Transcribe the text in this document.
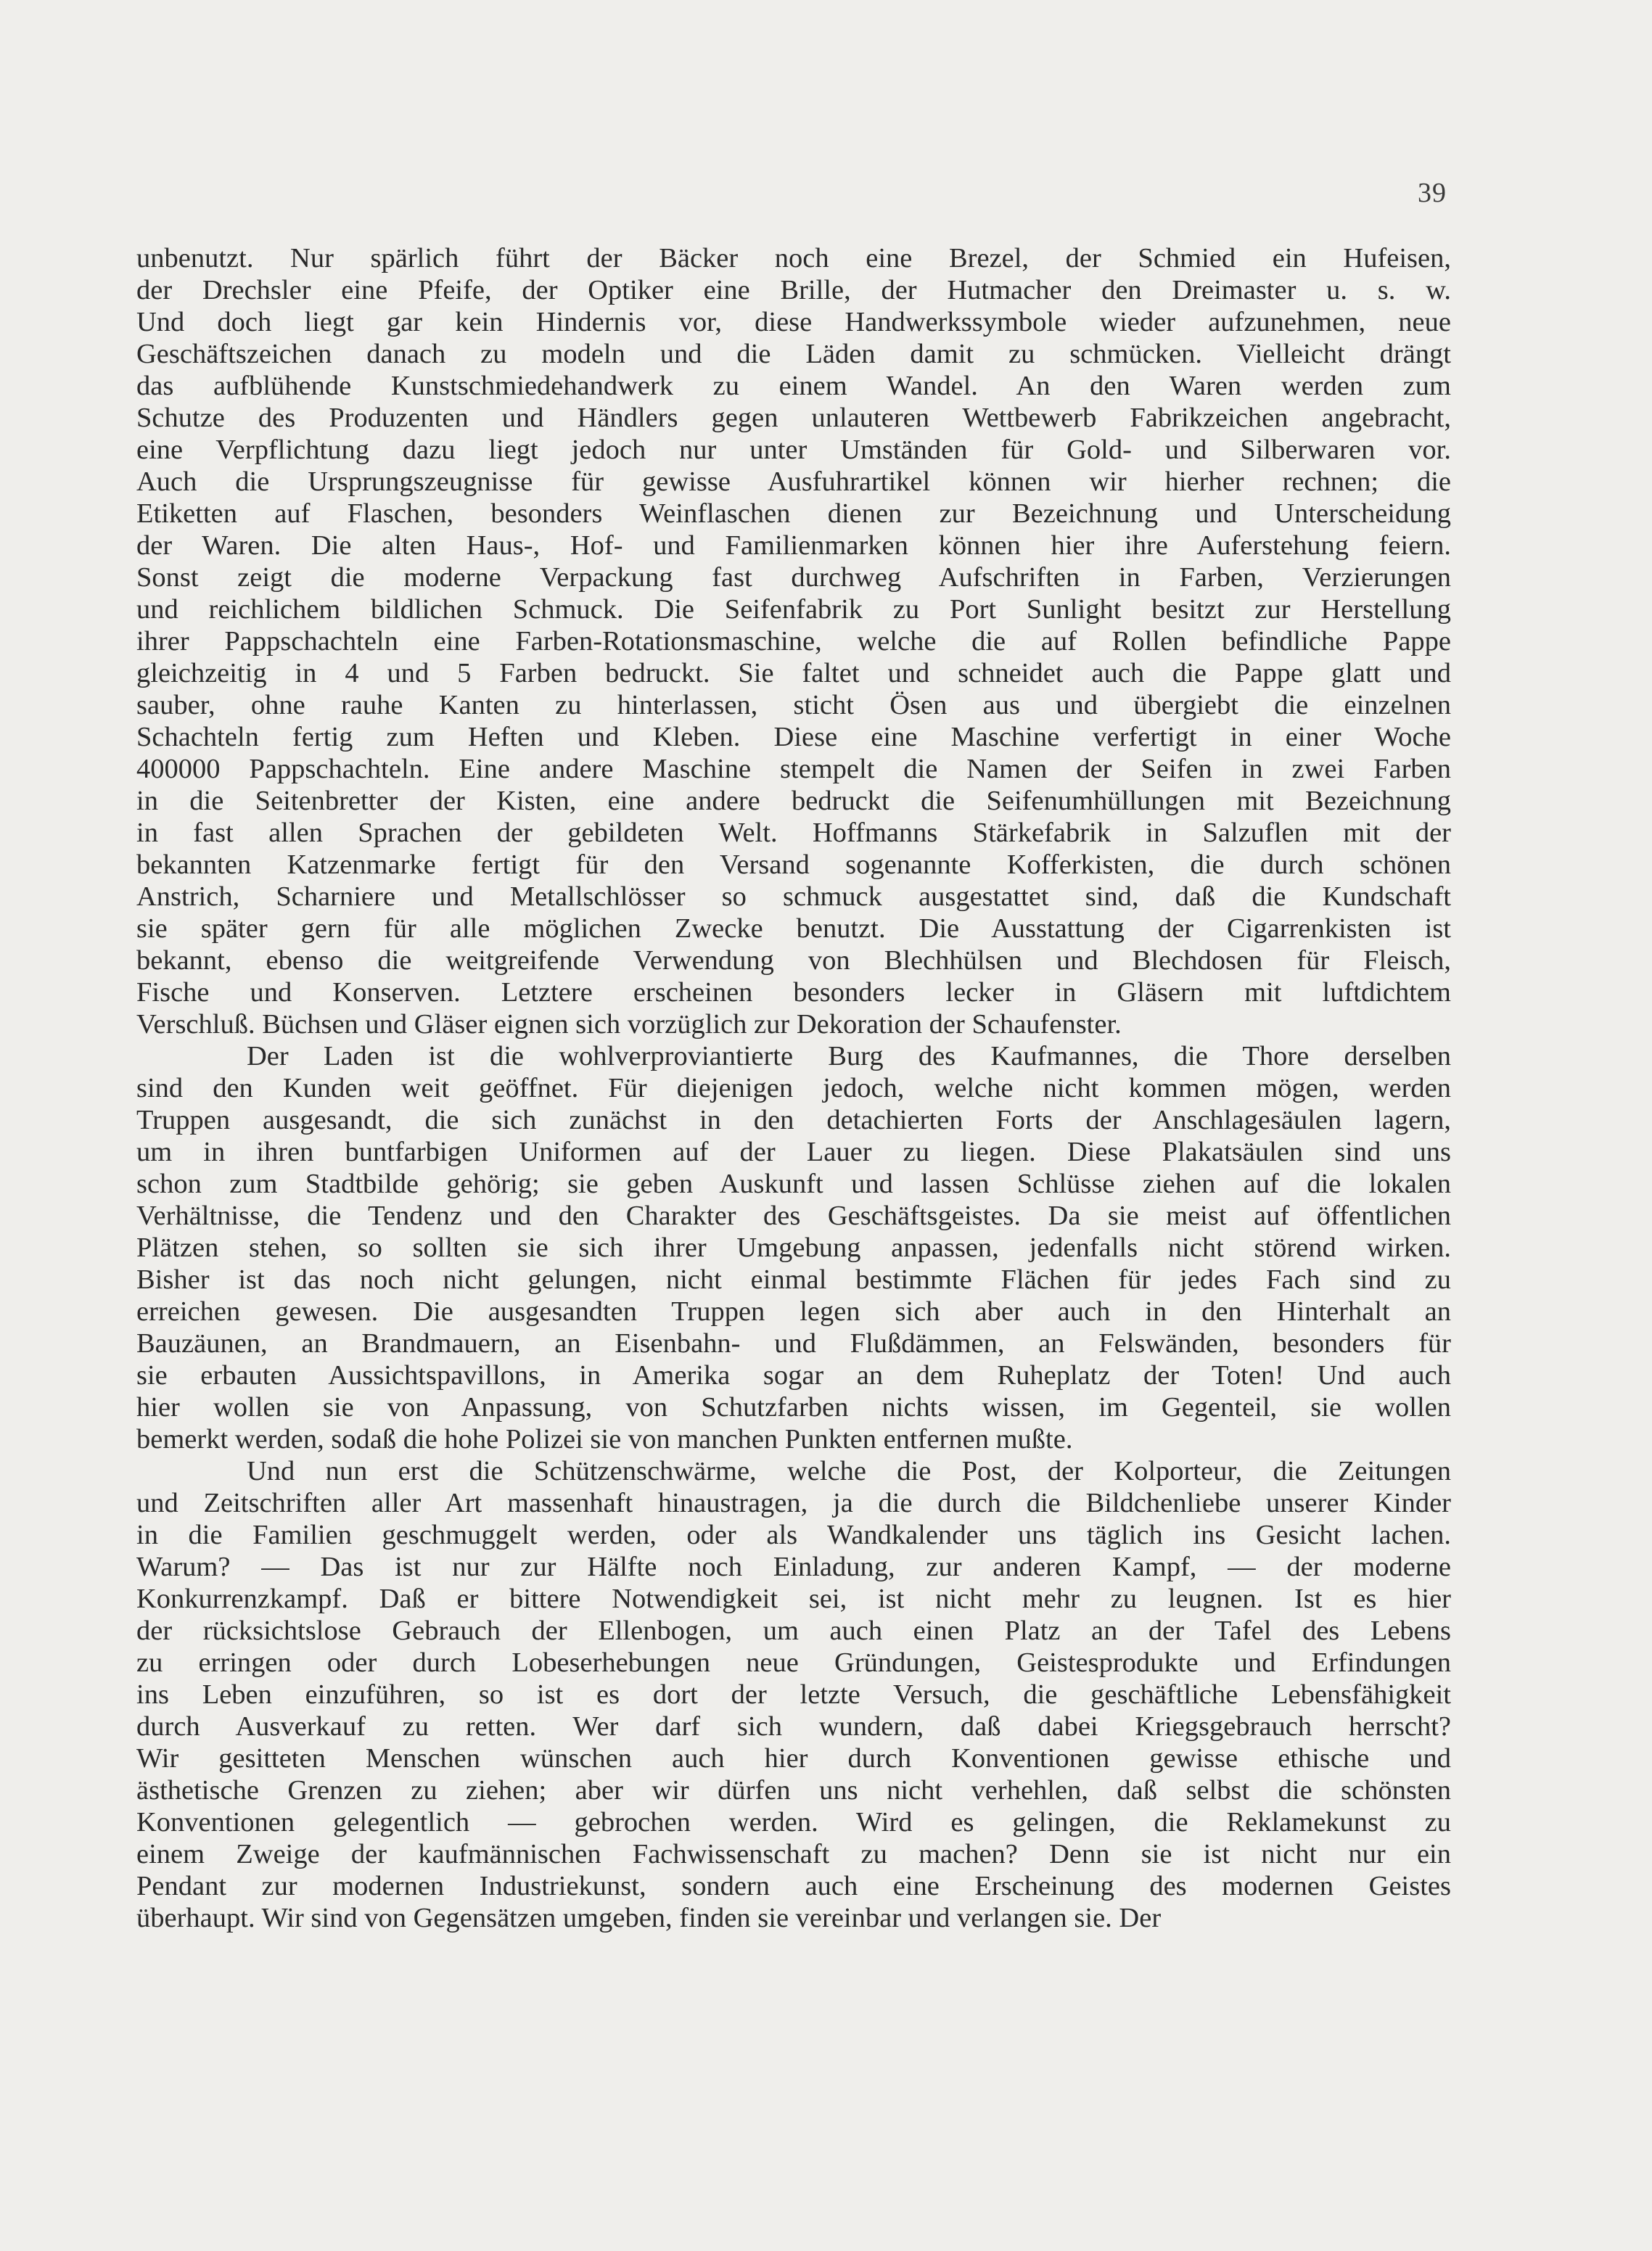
39
unbenutzt. Nur spärlich führt der Bäcker noch eine Brezel, der Schmied ein Hufeisen,
der Drechsler eine Pfeife, der Optiker eine Brille, der Hutmacher den Dreimaster u. s. w.
Und doch liegt gar kein Hindernis vor, diese Handwerkssymbole wieder aufzunehmen, neue
Geschäftszeichen danach zu modeln und die Läden damit zu schmücken. Vielleicht drängt
das aufblühende Kunstschmiedehandwerk zu einem Wandel. An den Waren werden zum
Schutze des Produzenten und Händlers gegen unlauteren Wettbewerb Fabrikzeichen angebracht,
eine Verpflichtung dazu liegt jedoch nur unter Umständen für Gold- und Silberwaren vor.
Auch die Ursprungszeugnisse für gewisse Ausfuhrartikel können wir hierher rechnen; die
Etiketten auf Flaschen, besonders Weinflaschen dienen zur Bezeichnung und Unterscheidung
der Waren. Die alten Haus-, Hof- und Familienmarken können hier ihre Auferstehung feiern.
Sonst zeigt die moderne Verpackung fast durchweg Aufschriften in Farben, Verzierungen
und reichlichem bildlichen Schmuck. Die Seifenfabrik zu Port Sunlight besitzt zur Herstellung
ihrer Pappschachteln eine Farben-Rotationsmaschine, welche die auf Rollen befindliche Pappe
gleichzeitig in 4 und 5 Farben bedruckt. Sie faltet und schneidet auch die Pappe glatt und
sauber, ohne rauhe Kanten zu hinterlassen, sticht Ösen aus und übergiebt die einzelnen
Schachteln fertig zum Heften und Kleben. Diese eine Maschine verfertigt in einer Woche
400000 Pappschachteln. Eine andere Maschine stempelt die Namen der Seifen in zwei Farben
in die Seitenbretter der Kisten, eine andere bedruckt die Seifenumhüllungen mit Bezeichnung
in fast allen Sprachen der gebildeten Welt. Hoffmanns Stärkefabrik in Salzuflen mit der
bekannten Katzenmarke fertigt für den Versand sogenannte Kofferkisten, die durch schönen
Anstrich, Scharniere und Metallschlösser so schmuck ausgestattet sind, daß die Kundschaft
sie später gern für alle möglichen Zwecke benutzt. Die Ausstattung der Cigarrenkisten ist
bekannt, ebenso die weitgreifende Verwendung von Blechhülsen und Blechdosen für Fleisch,
Fische und Konserven. Letztere erscheinen besonders lecker in Gläsern mit luftdichtem
Verschluß. Büchsen und Gläser eignen sich vorzüglich zur Dekoration der Schaufenster.
Der Laden ist die wohlverproviantierte Burg des Kaufmannes, die Thore derselben
sind den Kunden weit geöffnet. Für diejenigen jedoch, welche nicht kommen mögen, werden
Truppen ausgesandt, die sich zunächst in den detachierten Forts der Anschlagesäulen lagern,
um in ihren buntfarbigen Uniformen auf der Lauer zu liegen. Diese Plakatsäulen sind uns
schon zum Stadtbilde gehörig; sie geben Auskunft und lassen Schlüsse ziehen auf die lokalen
Verhältnisse, die Tendenz und den Charakter des Geschäftsgeistes. Da sie meist auf öffentlichen
Plätzen stehen, so sollten sie sich ihrer Umgebung anpassen, jedenfalls nicht störend wirken.
Bisher ist das noch nicht gelungen, nicht einmal bestimmte Flächen für jedes Fach sind zu
erreichen gewesen. Die ausgesandten Truppen legen sich aber auch in den Hinterhalt an
Bauzäunen, an Brandmauern, an Eisenbahn- und Flußdämmen, an Felswänden, besonders für
sie erbauten Aussichtspavillons, in Amerika sogar an dem Ruheplatz der Toten! Und auch
hier wollen sie von Anpassung, von Schutzfarben nichts wissen, im Gegenteil, sie wollen
bemerkt werden, sodaß die hohe Polizei sie von manchen Punkten entfernen mußte.
Und nun erst die Schützenschwärme, welche die Post, der Kolporteur, die Zeitungen
und Zeitschriften aller Art massenhaft hinaustragen, ja die durch die Bildchenliebe unserer Kinder
in die Familien geschmuggelt werden, oder als Wandkalender uns täglich ins Gesicht lachen.
Warum? — Das ist nur zur Hälfte noch Einladung, zur anderen Kampf, — der moderne
Konkurrenzkampf. Daß er bittere Notwendigkeit sei, ist nicht mehr zu leugnen. Ist es hier
der rücksichtslose Gebrauch der Ellenbogen, um auch einen Platz an der Tafel des Lebens
zu erringen oder durch Lobeserhebungen neue Gründungen, Geistesprodukte und Erfindungen
ins Leben einzuführen, so ist es dort der letzte Versuch, die geschäftliche Lebensfähigkeit
durch Ausverkauf zu retten. Wer darf sich wundern, daß dabei Kriegsgebrauch herrscht?
Wir gesitteten Menschen wünschen auch hier durch Konventionen gewisse ethische und
ästhetische Grenzen zu ziehen; aber wir dürfen uns nicht verhehlen, daß selbst die schönsten
Konventionen gelegentlich — gebrochen werden. Wird es gelingen, die Reklamekunst zu
einem Zweige der kaufmännischen Fachwissenschaft zu machen? Denn sie ist nicht nur ein
Pendant zur modernen Industriekunst, sondern auch eine Erscheinung des modernen Geistes
überhaupt. Wir sind von Gegensätzen umgeben, finden sie vereinbar und verlangen sie. Der
